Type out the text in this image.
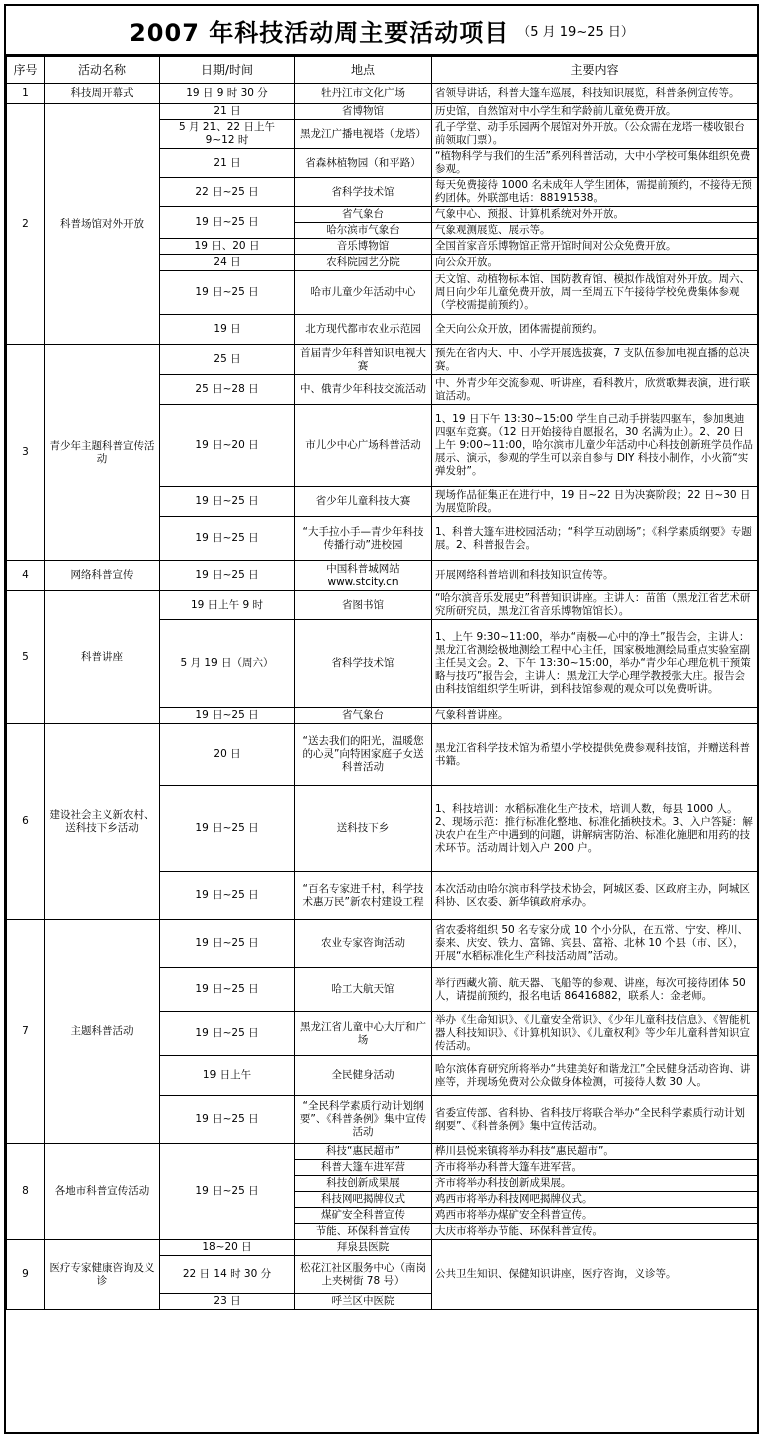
2007 年科技活动周主要活动项目 （5 月 19~25 日）
序号	活动名称	日期/时间	地点	主要内容
1	科技周开幕式	19 日 9 时 30 分	牡丹江市文化广场	省领导讲话，科普大篷车巡展，科技知识展览，科普条例宣传等。
2	科普场馆对外开放	21 日	省博物馆	历史馆，自然馆对中小学生和学龄前儿童免费开放。
		5 月 21、22 日上午 9~12 时	黑龙江广播电视塔（龙塔）	孔子学堂、动手乐园两个展馆对外开放。（公众需在龙塔一楼收银台前领取门票）。
		21 日	省森林植物园（和平路）	“植物科学与我们的生活”系列科普活动，大中小学校可集体组织免费参观。
		22 日~25 日	省科学技术馆	每天免费接待 1000 名未成年人学生团体，需提前预约，不接待无预约团体。外联部电话：88191538。
		19 日~25 日	省气象台	气象中心、预报、计算机系统对外开放。
			哈尔滨市气象台	气象观测展览、展示等。
		19 日、20 日	音乐博物馆	全国首家音乐博物馆正常开馆时间对公众免费开放。
		24 日	农科院园艺分院	向公众开放。
		19 日~25 日	哈市儿童少年活动中心	天文馆、动植物标本馆、国防教育馆、模拟作战馆对外开放。周六、周日向少年儿童免费开放，周一至周五下午接待学校免费集体参观（学校需提前预约）。
		19 日	北方现代都市农业示范园	全天向公众开放，团体需提前预约。
3	青少年主题科普宣传活动	25 日	首届青少年科普知识电视大赛	预先在省内大、中、小学开展选拔赛，7 支队伍参加电视直播的总决赛。
		25 日~28 日	中、俄青少年科技交流活动	中、外青少年交流参观、听讲座，看科教片，欣赏歌舞表演，进行联谊活动。
		19 日~20 日	市儿少中心广场科普活动	1、19 日下午 13:30~15:00 学生自己动手拼装四驱车，参加奥迪四驱车竞赛。（12 日开始接待自愿报名，30 名满为止）。2、20 日上午 9:00~11:00，哈尔滨市儿童少年活动中心科技创新班学员作品展示、演示，参观的学生可以亲自参与 DIY 科技小制作，小火箭“实弹发射”。
		19 日~25 日	省少年儿童科技大赛	现场作品征集正在进行中，19 日~22 日为决赛阶段；22 日~30 日为展览阶段。
		19 日~25 日	“大手拉小手—青少年科技传播行动”进校园	1、科普大篷车进校园活动；“科学互动剧场”；《科学素质纲要》专题展。2、科普报告会。
4	网络科普宣传	19 日~25 日	中国科普城网站 www.stcity.cn	开展网络科普培训和科技知识宣传等。
5	科普讲座	19 日上午 9 时	省图书馆	“哈尔滨音乐发展史”科普知识讲座。主讲人：苗笛（黑龙江省艺术研究所研究员，黑龙江省音乐博物馆馆长）。
		5 月 19 日（周六）	省科学技术馆	1、上午 9:30~11:00，举办“南极—心中的净土”报告会，主讲人：黑龙江省测绘极地测绘工程中心主任，国家极地测绘局重点实验室副主任吴文会。2、下午 13:30~15:00，举办“青少年心理危机干预策略与技巧”报告会，主讲人：黑龙江大学心理学教授张大庄。报告会由科技馆组织学生听讲，到科技馆参观的观众可以免费听讲。
		19 日~25 日	省气象台	气象科普讲座。
6	建设社会主义新农村、送科技下乡活动	20 日	“送去我们的阳光，温暖您的心灵”向特困家庭子女送科普活动	黑龙江省科学技术馆为希望小学校提供免费参观科技馆，并赠送科普书籍。
		19 日~25 日	送科技下乡	1、科技培训：水稻标准化生产技术，培训人数，每县 1000 人。2、现场示范：推行标准化整地、标准化插秧技术。3、入户答疑：解决农户在生产中遇到的问题，讲解病害防治、标准化施肥和用药的技术环节。活动周计划入户 200 户。
		19 日~25 日	“百名专家进千村，科学技术惠万民”新农村建设工程	本次活动由哈尔滨市科学技术协会，阿城区委、区政府主办，阿城区科协、区农委、新华镇政府承办。
7	主题科普活动	19 日~25 日	农业专家咨询活动	省农委将组织 50 名专家分成 10 个小分队，在五常、宁安、桦川、泰来、庆安、铁力、富锦、宾县、富裕、北林 10 个县（市、区），开展“水稻标准化生产科技活动周”活动。
		19 日~25 日	哈工大航天馆	举行西藏火箭、航天器、飞船等的参观、讲座，每次可接待团体 50 人，请提前预约，报名电话 86416882，联系人：金老师。
		19 日~25 日	黑龙江省儿童中心大厅和广场	举办《生命知识》、《儿童安全常识》、《少年儿童科技信息》、《智能机器人科技知识》、《计算机知识》、《儿童权利》等少年儿童科普知识宣传活动。
		19 日上午	全民健身活动	哈尔滨体育研究所将举办“共建美好和谐龙江”全民健身活动咨询、讲座等，并现场免费对公众做身体检测，可接待人数 30 人。
		19 日~25 日	“全民科学素质行动计划纲要”、《科普条例》集中宣传活动	省委宣传部、省科协、省科技厅将联合举办“全民科学素质行动计划纲要”、《科普条例》集中宣传活动。
8	各地市科普宣传活动	19 日~25 日	科技“惠民超市”	桦川县悦来镇将举办科技“惠民超市”。
			科普大篷车进军营	齐市将举办科普大篷车进军营。
			科技创新成果展	齐市将举办科技创新成果展。
			科技网吧揭牌仪式	鸡西市将举办科技网吧揭牌仪式。
			煤矿安全科普宣传	鸡西市将举办煤矿安全科普宣传。
			节能、环保科普宣传	大庆市将举办节能、环保科普宣传。
9	医疗专家健康咨询及义诊	18~20 日	拜泉县医院	公共卫生知识、保健知识讲座，医疗咨询，义诊等。
		22 日 14 时 30 分	松花江社区服务中心（南岗上夹树街 78 号）	
		23 日	呼兰区中医院	
